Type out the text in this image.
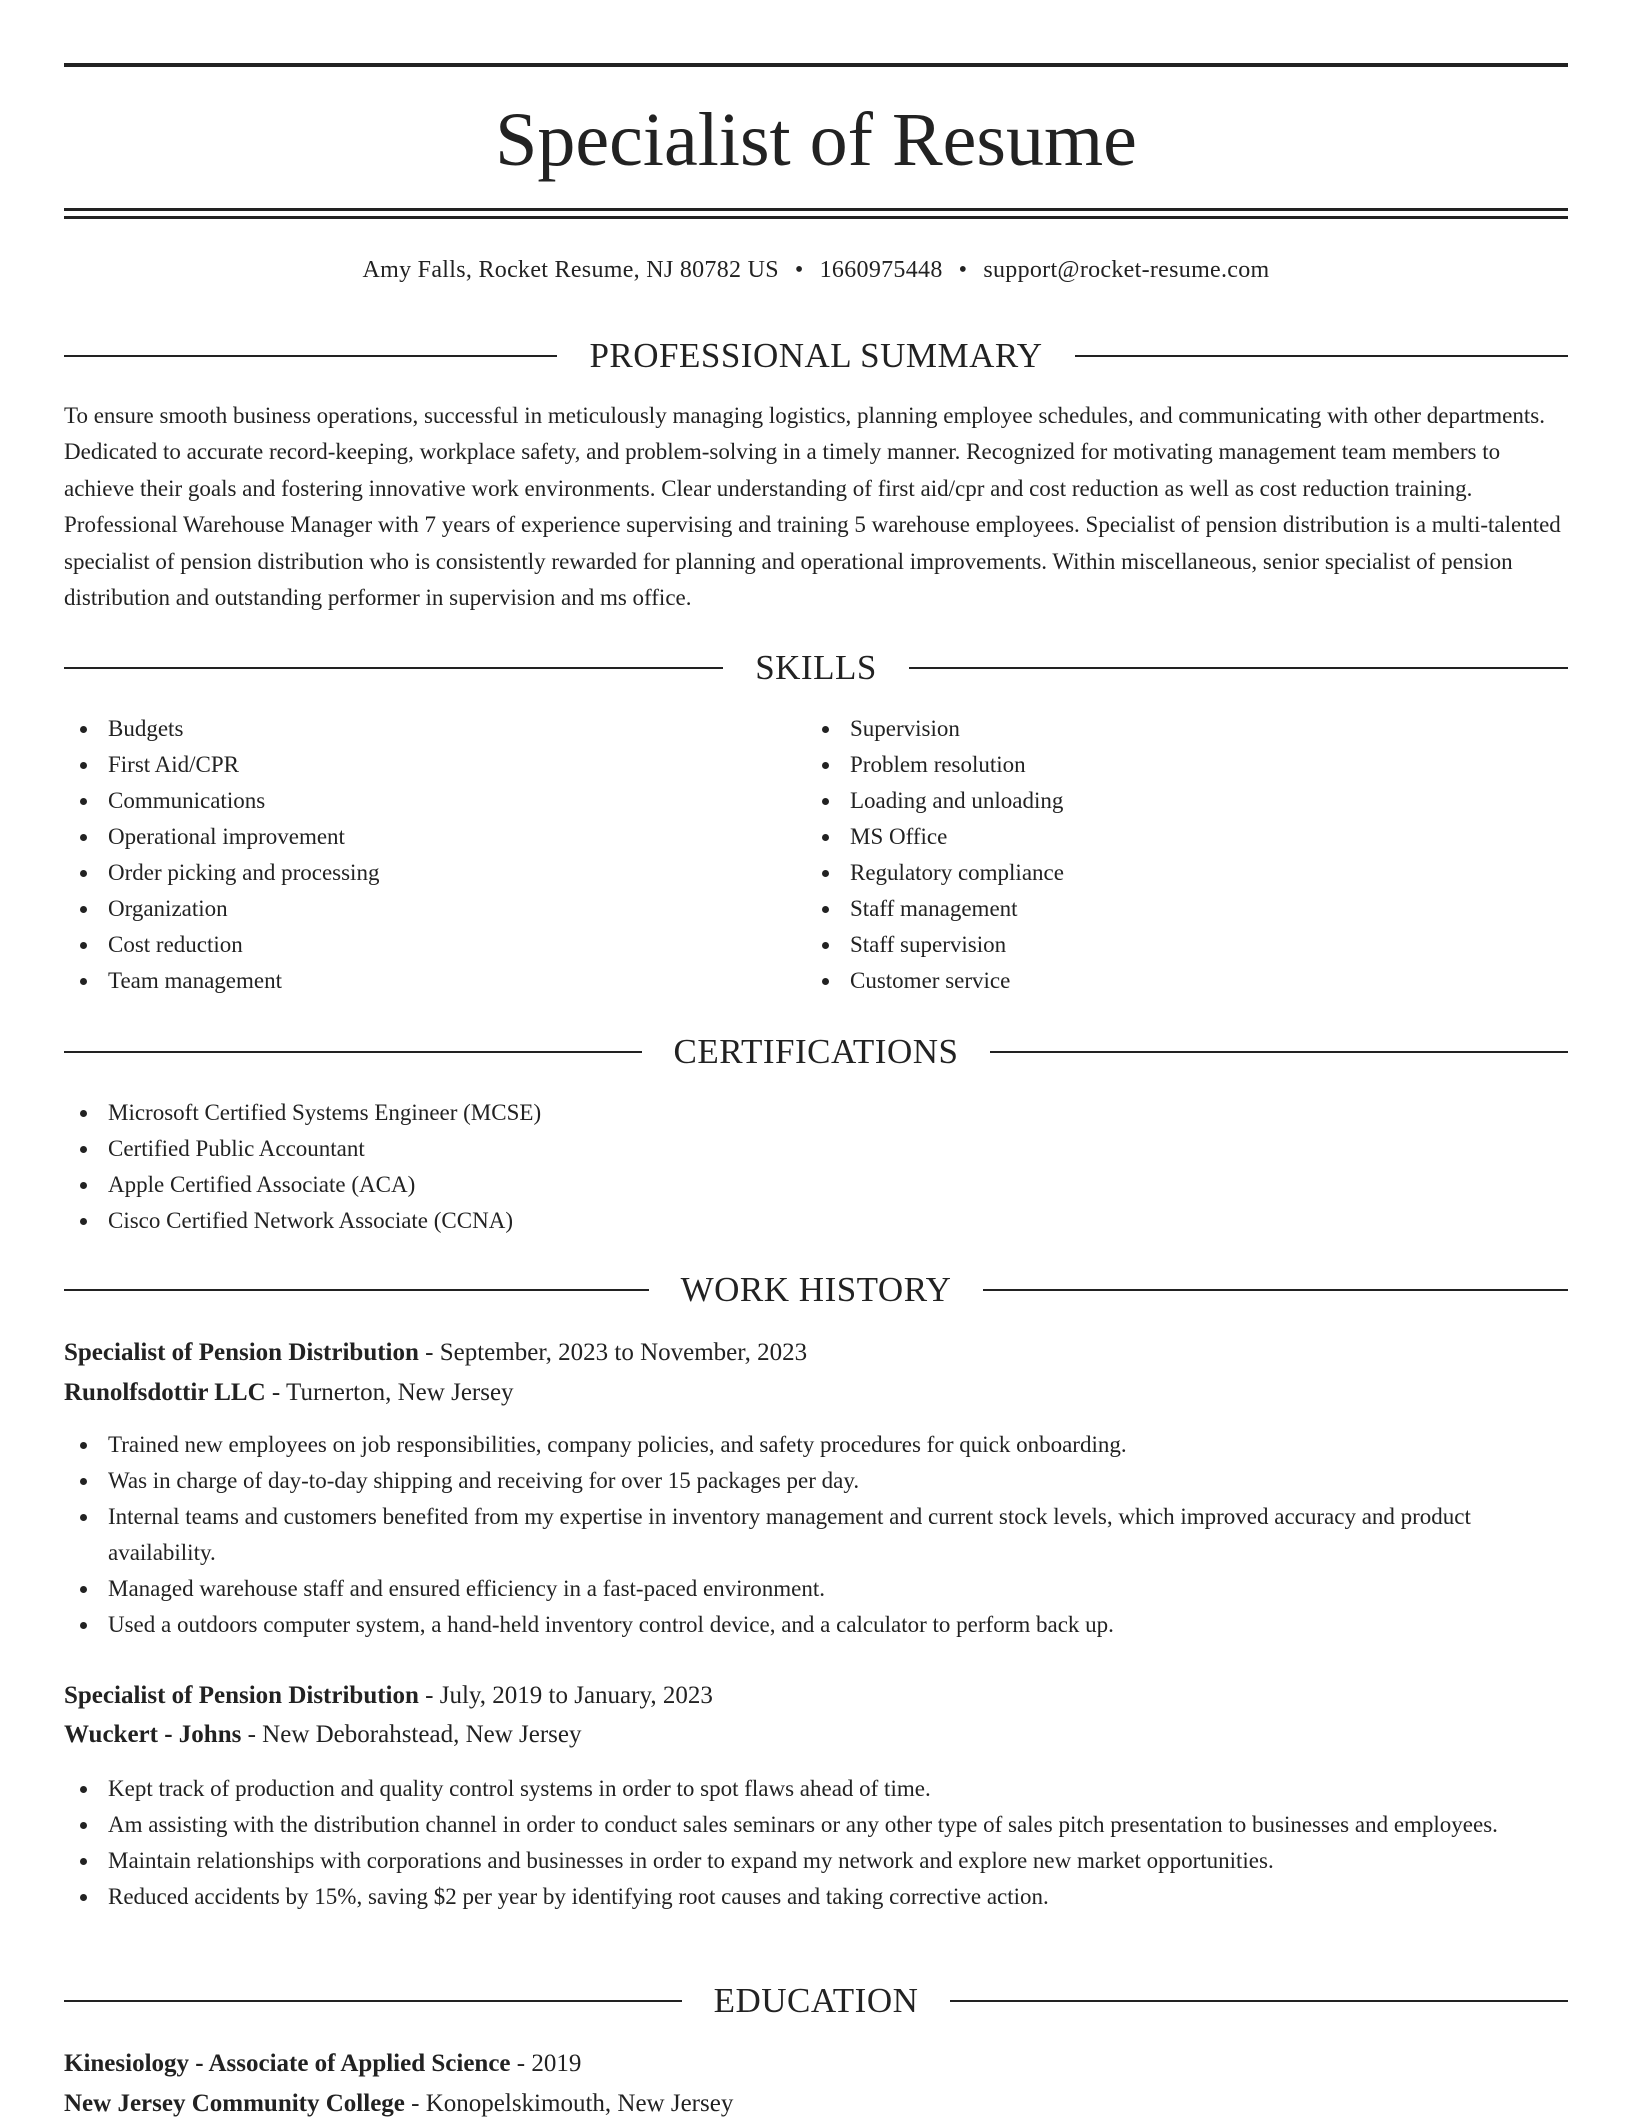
Specialist of Resume
Amy Falls, Rocket Resume, NJ 80782 US • 1660975448 • support@rocket-resume.com
PROFESSIONAL SUMMARY

To ensure smooth business operations, successful in meticulously managing logistics, planning employee schedules, and communicating with other departments. Dedicated to accurate record-keeping, workplace safety, and problem-solving in a timely manner. Recognized for motivating management team members to achieve their goals and fostering innovative work environments. Clear understanding of first aid/cpr and cost reduction as well as cost reduction training. Professional Warehouse Manager with 7 years of experience supervising and training 5 warehouse employees. Specialist of pension distribution is a multi-talented specialist of pension distribution who is consistently rewarded for planning and operational improvements. Within miscellaneous, senior specialist of pension distribution and outstanding performer in supervision and ms office.

SKILLS
Budgets
First Aid/CPR
Communications
Operational improvement
Order picking and processing
Organization
Cost reduction
Team management
Supervision
Problem resolution
Loading and unloading
MS Office
Regulatory compliance
Staff management
Staff supervision
Customer service
CERTIFICATIONS
Microsoft Certified Systems Engineer (MCSE)
Certified Public Accountant
Apple Certified Associate (ACA)
Cisco Certified Network Associate (CCNA)
WORK HISTORY
Specialist of Pension Distribution - September, 2023 to November, 2023
Runolfsdottir LLC - Turnerton, New Jersey
Trained new employees on job responsibilities, company policies, and safety procedures for quick onboarding.
Was in charge of day-to-day shipping and receiving for over 15 packages per day.
Internal teams and customers benefited from my expertise in inventory management and current stock levels, which improved accuracy and product availability.
Managed warehouse staff and ensured efficiency in a fast-paced environment.
Used a outdoors computer system, a hand-held inventory control device, and a calculator to perform back up.
Specialist of Pension Distribution - July, 2019 to January, 2023
Wuckert - Johns - New Deborahstead, New Jersey
Kept track of production and quality control systems in order to spot flaws ahead of time.
Am assisting with the distribution channel in order to conduct sales seminars or any other type of sales pitch presentation to businesses and employees.
Maintain relationships with corporations and businesses in order to expand my network and explore new market opportunities.
Reduced accidents by 15%, saving $2 per year by identifying root causes and taking corrective action.
EDUCATION
Kinesiology - Associate of Applied Science - 2019
New Jersey Community College - Konopelskimouth, New Jersey
